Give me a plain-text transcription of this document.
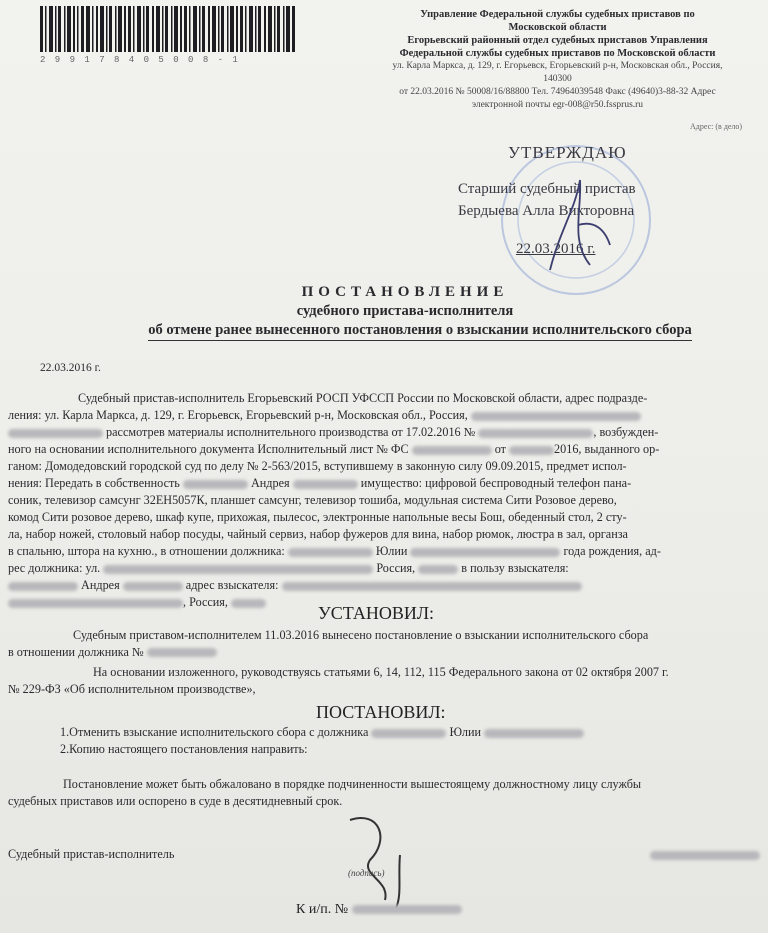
2 9 9 1 7 8 4 0 5 0 0 8 - 1
Управление Федеральной службы судебных приставов по
Московской области
Егорьевский районный отдел судебных приставов Управления
Федеральной службы судебных приставов по Московской области
ул. Карла Маркса, д. 129, г. Егорьевск, Егорьевский р-н, Московская обл., Россия,
140300
от 22.03.2016 № 50008/16/88800 Тел. 74964039548 Факс (49640)3-88-32 Адрес
электронной почты egr-008@r50.fssprus.ru
Адрес: (в дело)
УТВЕРЖДАЮ
Старший судебный пристав
Бердыева Алла Викторовна
22.03.2016 г.
ПОСТАНОВЛЕНИЕ
судебного пристава-исполнителя
об отмене ранее вынесенного постановления о взыскании исполнительского сбора
22.03.2016 г.
Судебный пристав-исполнитель Егорьевский РОСП УФССП России по Московской области, адрес подразде-
ления: ул. Карла Маркса, д. 129, г. Егорьевск, Егорьевский р-н, Московская обл., Россия,
рассмотрев материалы исполнительного производства от 17.02.2016 №	, возбужден-
ного на основании исполнительного документа Исполнительный лист № ФС	от	2016, выданного ор-
ганом: Домодедовский городской суд по делу № 2-563/2015, вступившему в законную силу 09.09.2015, предмет испол-
нения: Передать в собственность	Андрея	имущество: цифровой беспроводный телефон пана-
соник, телевизор самсунг 32ЕН5057К, планшет самсунг, телевизор тошиба, модульная система Сити Розовое дерево,
комод Сити розовое дерево, шкаф купе, прихожая, пылесос, электронные напольные весы Бош, обеденный стол, 2 сту-
ла, набор ножей, столовый набор посуды, чайный сервиз, набор фужеров для вина, набор рюмок, люстра в зал, органза
в спальню, штора на кухню., в отношении должника:	Юлии	года рождения, ад-
рес должника: ул.	Россия,	в пользу взыскателя:
Андрея	адрес взыскателя:
, Россия,
УСТАНОВИЛ:
Судебным приставом-исполнителем 11.03.2016 вынесено постановление о взыскании исполнительского сбора
в отношении должника №
На основании изложенного, руководствуясь статьями 6, 14, 112, 115 Федерального закона от 02 октября 2007 г.
№ 229-ФЗ «Об исполнительном производстве»,
ПОСТАНОВИЛ:
1.Отменить взыскание исполнительского сбора с должника	Юлии
2.Копию настоящего постановления направить:
Постановление может быть обжаловано в порядке подчиненности вышестоящему должностному лицу службы
судебных приставов или оспорено в суде в десятидневный срок.
Судебный пристав-исполнитель
(подпись)
К и/п. №
